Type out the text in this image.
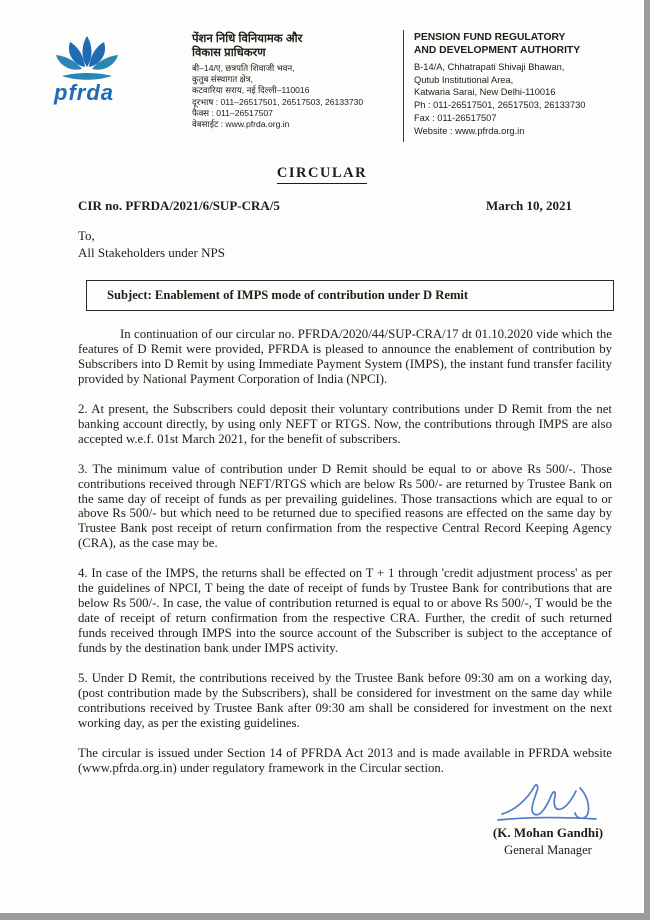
pfrda
पेंशन निधि विनियामक और
विकास प्राधिकरण
बी–14/ए, छत्रपति शिवाजी भवन,
कुतुब संस्थागत क्षेत्र,
कटवारिया सराय, नई दिल्ली–110016
दूरभाष : 011–26517501, 26517503, 26133730
फैक्स : 011–26517507
वेबसाईट : www.pfrda.org.in
PENSION FUND REGULATORY
AND DEVELOPMENT AUTHORITY
B-14/A, Chhatrapati Shivaji Bhawan,
Qutub Institutional Area,
Katwaria Sarai, New Delhi-110016
Ph : 011-26517501, 26517503, 26133730
Fax : 011-26517507
Website : www.pfrda.org.in
CIRCULAR
CIR no. PFRDA/2021/6/SUP-CRA/5	March 10, 2021
To,
All Stakeholders under NPS
Subject: Enablement of IMPS mode of contribution under D Remit

In continuation of our circular no. PFRDA/2020/44/SUP-CRA/17 dt 01.10.2020 vide which the features of D Remit were provided, PFRDA is pleased to announce the enablement of contribution by Subscribers into D Remit by using Immediate Payment System (IMPS), the instant fund transfer facility provided by National Payment Corporation of India (NPCI).

2. At present, the Subscribers could deposit their voluntary contributions under D Remit from the net banking account directly, by using only NEFT or RTGS. Now, the contributions through IMPS are also accepted w.e.f. 01st March 2021, for the benefit of subscribers.

3. The minimum value of contribution under D Remit should be equal to or above Rs 500/-. Those contributions received through NEFT/RTGS which are below Rs 500/- are returned by Trustee Bank on the same day of receipt of funds as per prevailing guidelines. Those transactions which are equal to or above Rs 500/- but which need to be returned due to specified reasons are effected on the same day by Trustee Bank post receipt of return confirmation from the respective Central Record Keeping Agency (CRA), as the case may be.

4. In case of the IMPS, the returns shall be effected on T + 1 through 'credit adjustment process' as per the guidelines of NPCI, T being the date of receipt of funds by Trustee Bank for contributions that are below Rs 500/-. In case, the value of contribution returned is equal to or above Rs 500/-, T would be the date of receipt of return confirmation from the respective CRA. Further, the credit of such returned funds received through IMPS into the source account of the Subscriber is subject to the acceptance of funds by the destination bank under IMPS activity.

5. Under D Remit, the contributions received by the Trustee Bank before 09:30 am on a working day, (post contribution made by the Subscribers), shall be considered for investment on the same day while contributions received by Trustee Bank after 09:30 am shall be considered for investment on the next working day, as per the existing guidelines.

The circular is issued under Section 14 of PFRDA Act 2013 and is made available in PFRDA website (www.pfrda.org.in) under regulatory framework in the Circular section.

(K. Mohan Gandhi)
General Manager
